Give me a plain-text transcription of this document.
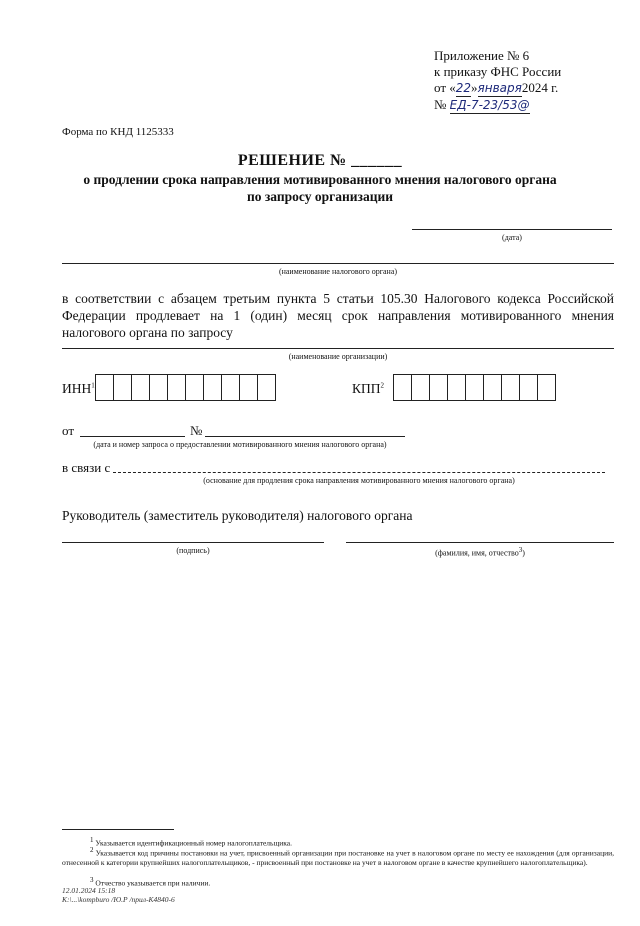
Приложение № 6
к приказу ФНС России
от «22»января2024 г.
№ ЕД-7-23/53@
Форма по КНД 1125333
РЕШЕНИЕ № ______
о продлении срока направления мотивированного мнения налогового органа
по запросу организации
(дата)
(наименование налогового органа)
в соответствии с абзацем третьим пункта 5 статьи 105.30 Налогового кодекса Российской Федерации продлевает на 1 (один) месяц срок направления мотивированного мнения налогового органа по запросу
(наименование организации)
ИНН$^1$	КПП$^2$
от	№
(дата и номер запроса о предоставлении мотивированного мнения налогового органа)
в связи с
(основание для продления срока направления мотивированного мнения налогового органа)
Руководитель (заместитель руководителя) налогового органа
(подпись)	(фамилия, имя, отчество$^3$)
$^1$ Указывается идентификационный номер налогоплательщика.
$^2$ Указывается код причины постановки на учет, присвоенный организации при постановке на учет в налоговом органе по месту ее нахождения (для организации, отнесенной к категории крупнейших налогоплательщиков, - присвоенный при постановке на учет в налоговом органе в качестве крупнейшего налогоплательщика).
$^3$ Отчество указывается при наличии.
12.01.2024 15:18
K:\...\kompburo /Ю.Р /прил-К4840-6
